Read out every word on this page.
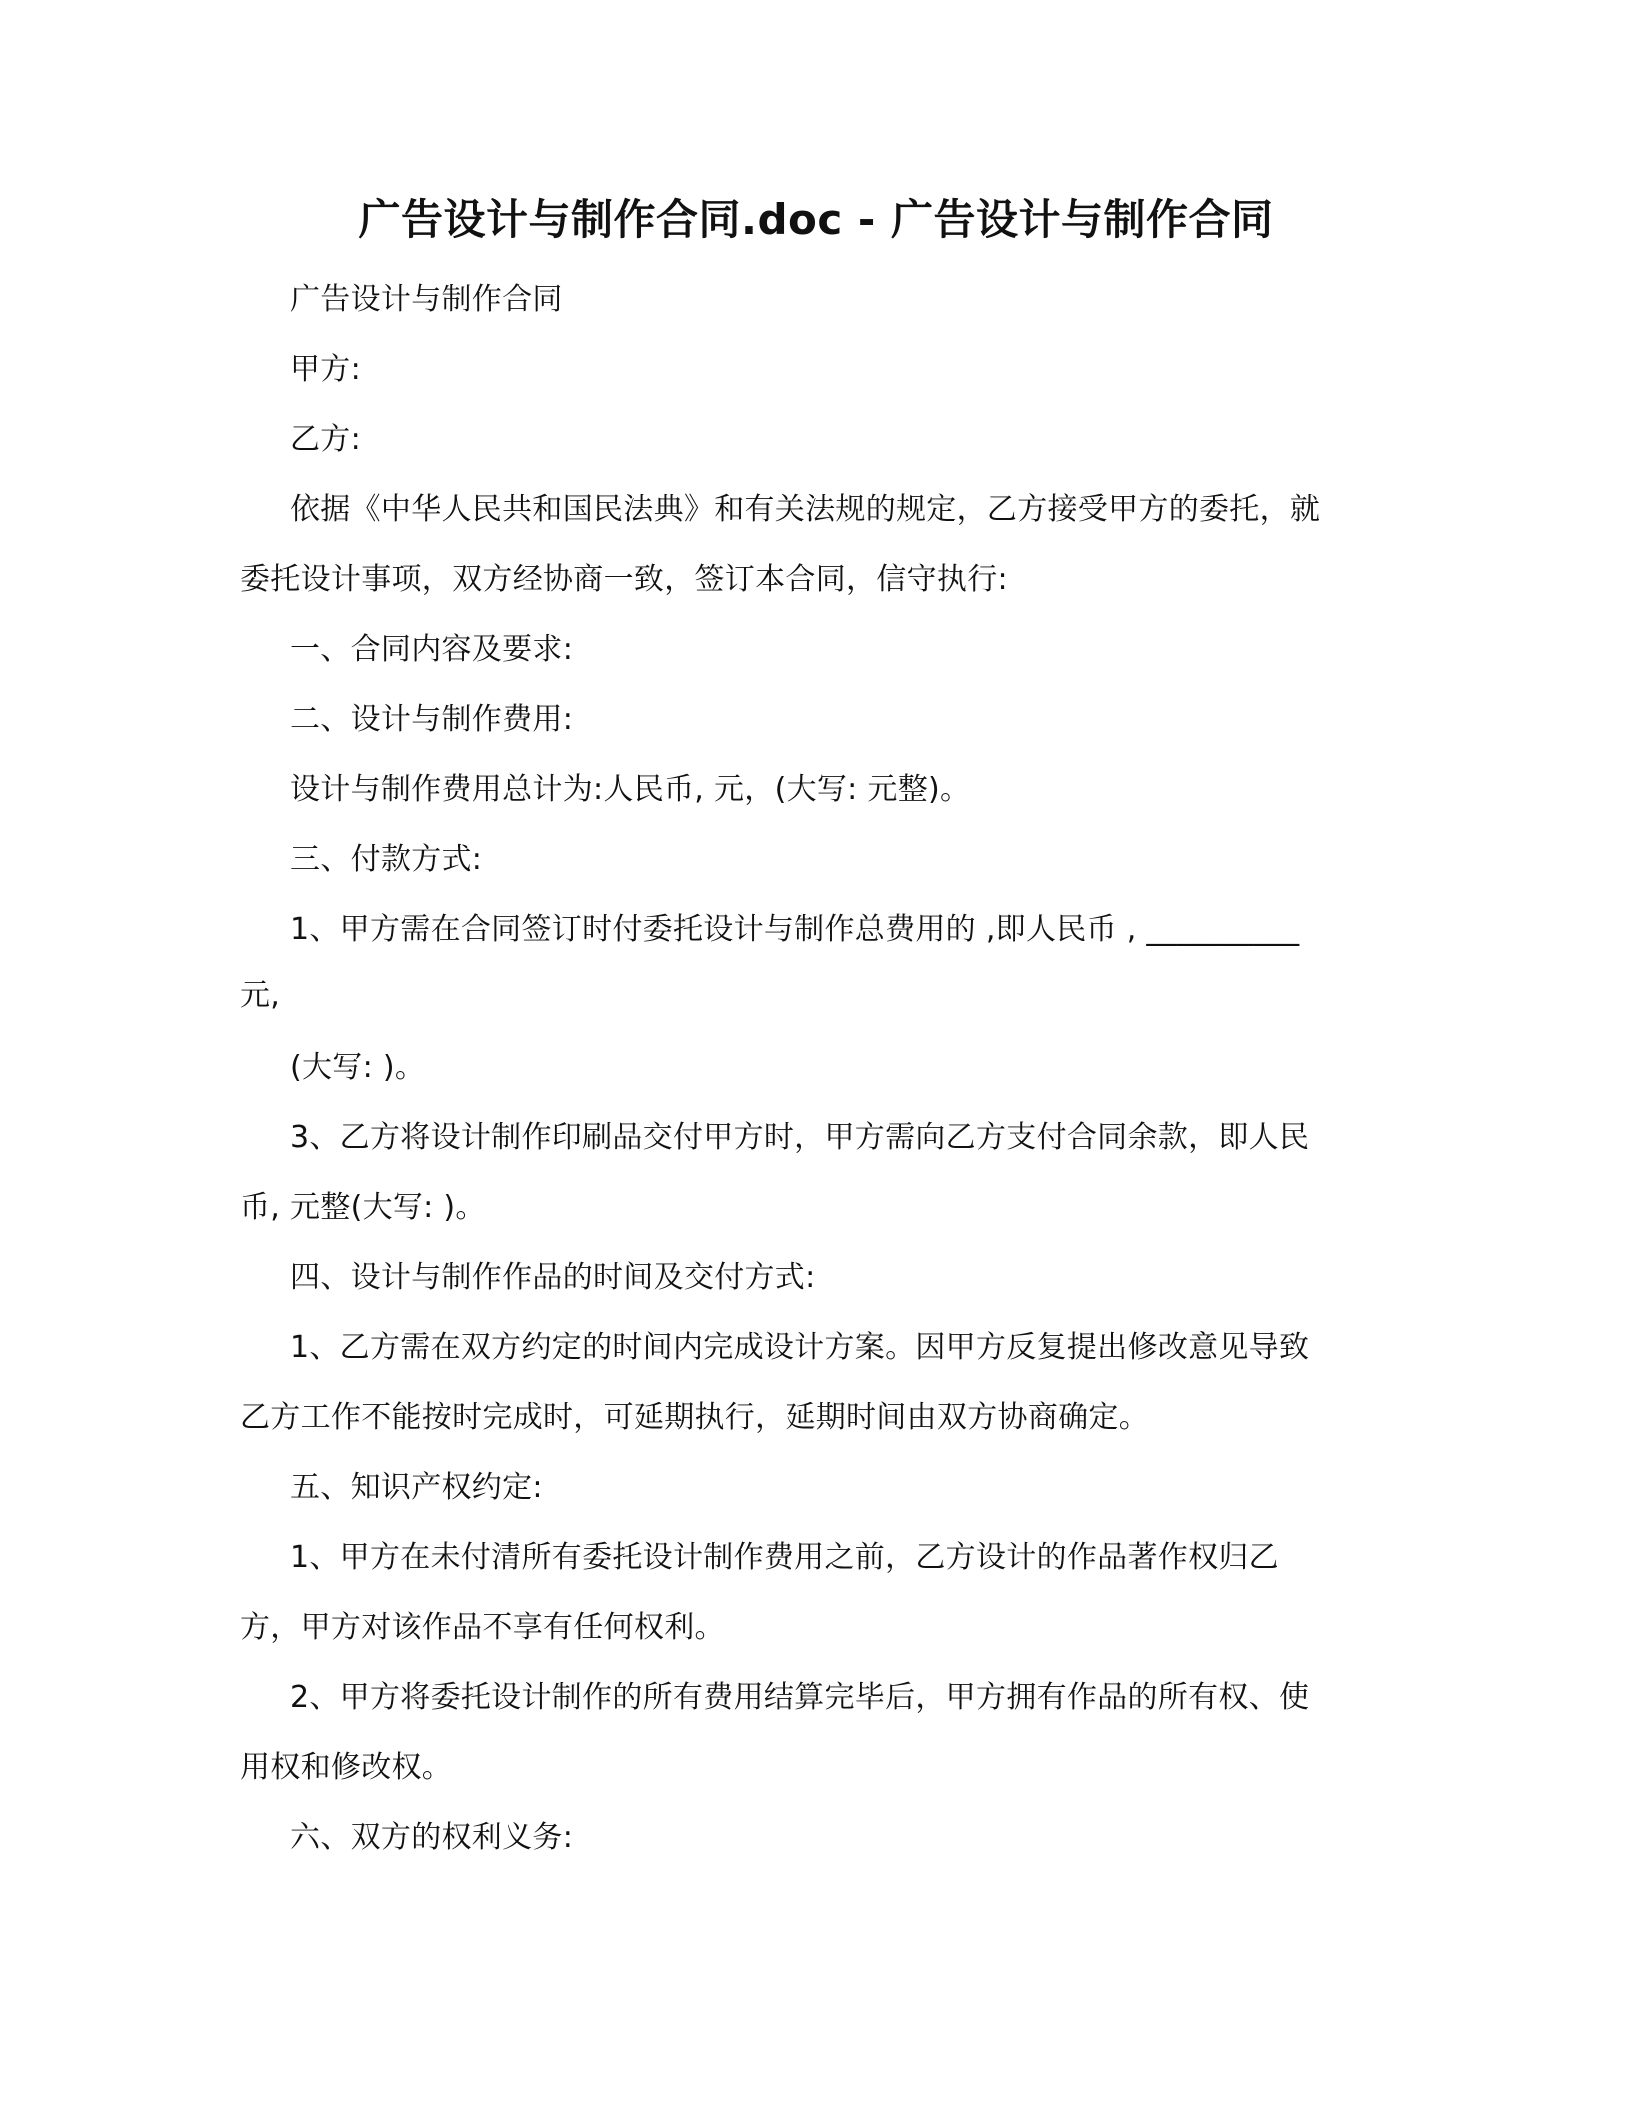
广告设计与制作合同.doc - 广告设计与制作合同
广告设计与制作合同
甲方:
乙方:
依据《中华人民共和国民法典》和有关法规的规定，乙方接受甲方的委托，就
委托设计事项，双方经协商一致，签订本合同，信守执行:
一、合同内容及要求:
二、设计与制作费用:
设计与制作费用总计为:人民币, 元，(大写: 元整)。
三、付款方式:
1、甲方需在合同签订时付委托设计与制作总费用的 ,即人民币 , __________
元,
(大写: )。
3、乙方将设计制作印刷品交付甲方时，甲方需向乙方支付合同余款，即人民
币, 元整(大写: )。
四、设计与制作作品的时间及交付方式:
1、乙方需在双方约定的时间内完成设计方案。因甲方反复提出修改意见导致
乙方工作不能按时完成时，可延期执行，延期时间由双方协商确定。
五、知识产权约定:
1、甲方在未付清所有委托设计制作费用之前，乙方设计的作品著作权归乙
方，甲方对该作品不享有任何权利。
2、甲方将委托设计制作的所有费用结算完毕后，甲方拥有作品的所有权、使
用权和修改权。
六、双方的权利义务:
